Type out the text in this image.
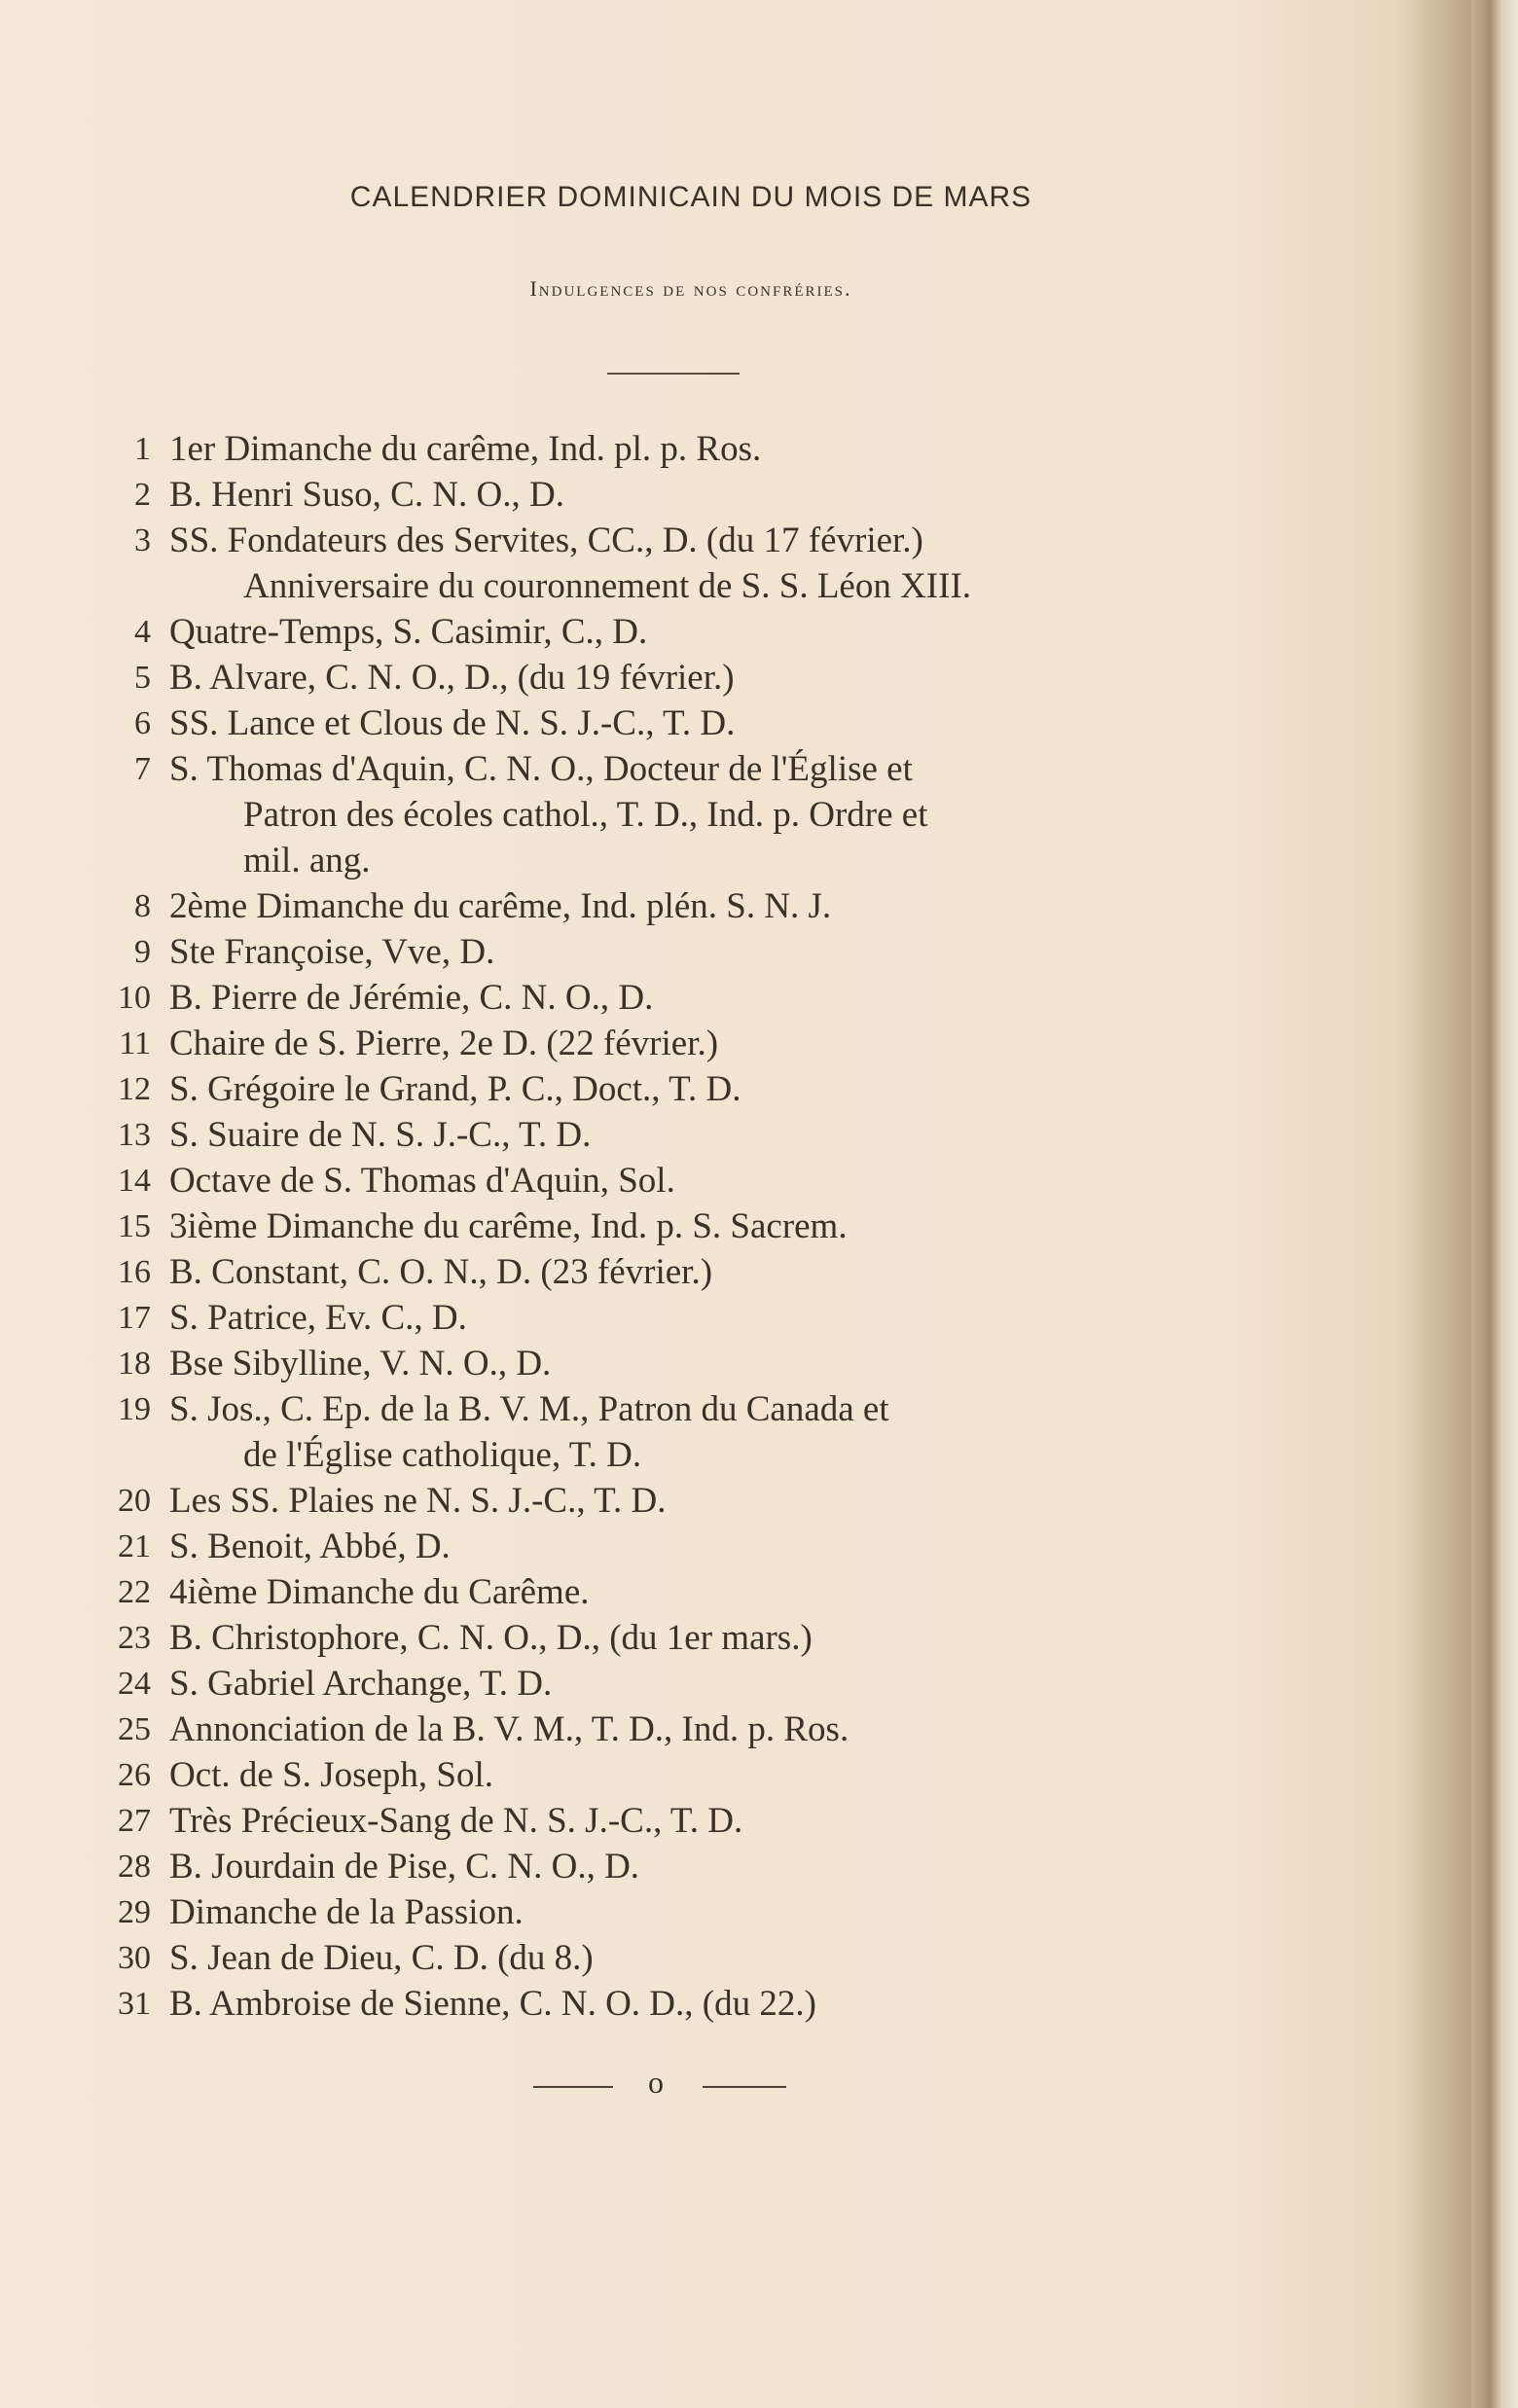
CALENDRIER DOMINICAIN DU MOIS DE MARS
Indulgences de nos confréries.
1 1er Dimanche du carême, Ind. pl. p. Ros.
2 B. Henri Suso, C. N. O., D.
3 SS. Fondateurs des Servites, CC., D. (du 17 février.)
Anniversaire du couronnement de S. S. Léon XIII.
4 Quatre-Temps, S. Casimir, C., D.
5 B. Alvare, C. N. O., D., (du 19 février.)
6 SS. Lance et Clous de N. S. J.-C., T. D.
7 S. Thomas d'Aquin, C. N. O., Docteur de l'Église et
Patron des écoles cathol., T. D., Ind. p. Ordre et
mil. ang.
8 2ème Dimanche du carême, Ind. plén. S. N. J.
9 Ste Françoise, Vve, D.
10 B. Pierre de Jérémie, C. N. O., D.
11 Chaire de S. Pierre, 2e D. (22 février.)
12 S. Grégoire le Grand, P. C., Doct., T. D.
13 S. Suaire de N. S. J.-C., T. D.
14 Octave de S. Thomas d'Aquin, Sol.
15 3ième Dimanche du carême, Ind. p. S. Sacrem.
16 B. Constant, C. O. N., D. (23 février.)
17 S. Patrice, Ev. C., D.
18 Bse Sibylline, V. N. O., D.
19 S. Jos., C. Ep. de la B. V. M., Patron du Canada et
de l'Église catholique, T. D.
20 Les SS. Plaies ne N. S. J.-C., T. D.
21 S. Benoit, Abbé, D.
22 4ième Dimanche du Carême.
23 B. Christophore, C. N. O., D., (du 1er mars.)
24 S. Gabriel Archange, T. D.
25 Annonciation de la B. V. M., T. D., Ind. p. Ros.
26 Oct. de S. Joseph, Sol.
27 Très Précieux-Sang de N. S. J.-C., T. D.
28 B. Jourdain de Pise, C. N. O., D.
29 Dimanche de la Passion.
30 S. Jean de Dieu, C. D. (du 8.)
31 B. Ambroise de Sienne, C. N. O. D., (du 22.)
o
